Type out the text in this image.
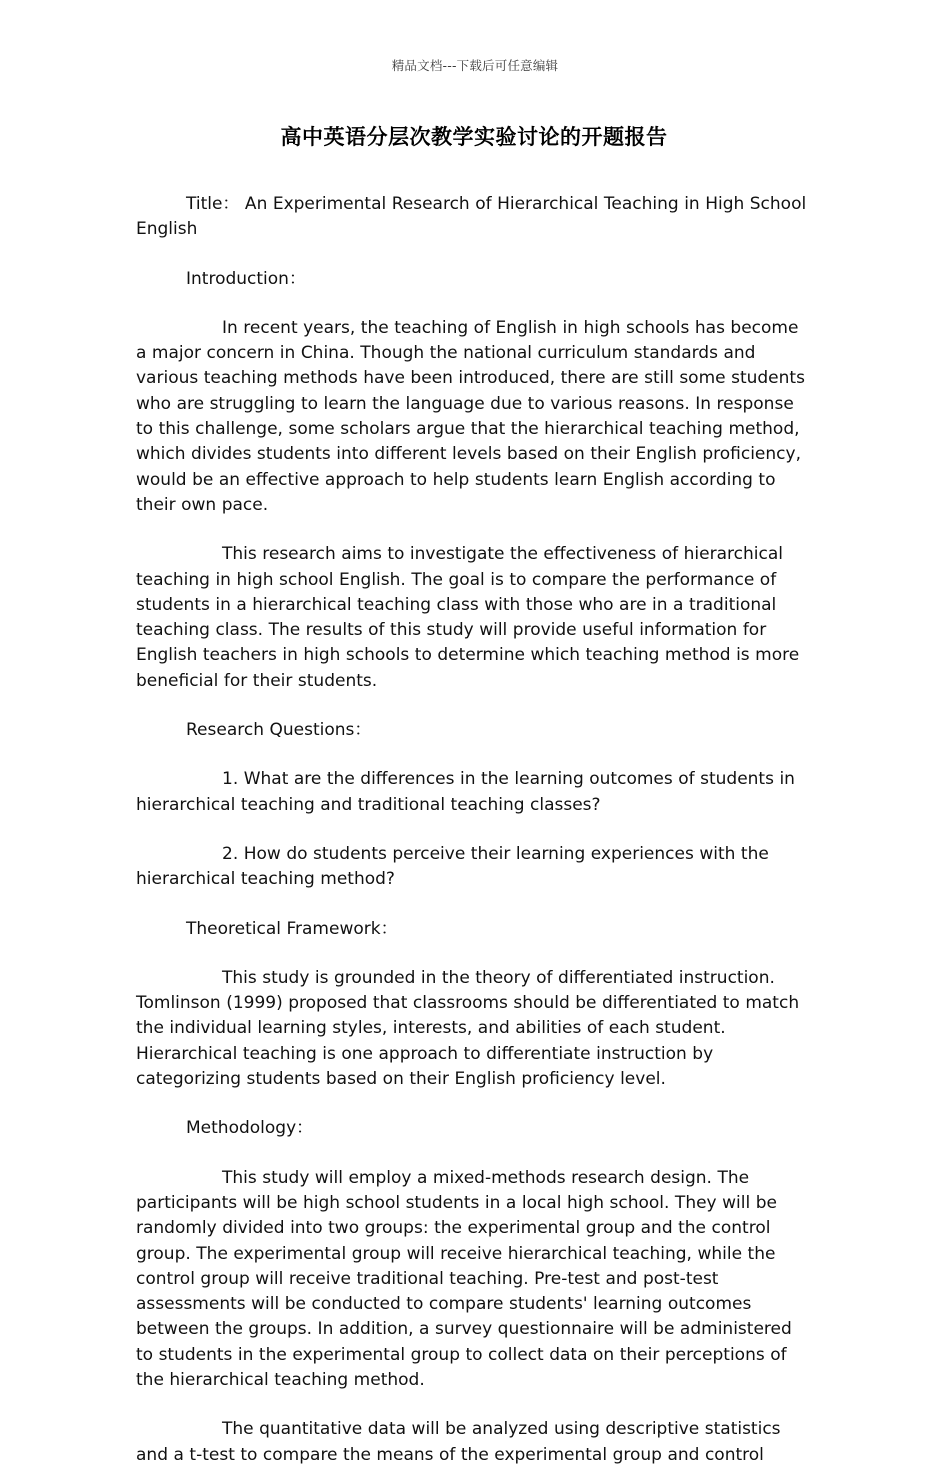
精品文档---下载后可任意编辑
高中英语分层次教学实验讨论的开题报告

Title： An Experimental Research of Hierarchical Teaching in High School English

Introduction：

In recent years, the teaching of English in high schools has become a major concern in China. Though the national curriculum standards and various teaching methods have been introduced, there are still some students who are struggling to learn the language due to various reasons. In response to this challenge, some scholars argue that the hierarchical teaching method, which divides students into different levels based on their English proficiency, would be an effective approach to help students learn English according to their own pace.

This research aims to investigate the effectiveness of hierarchical teaching in high school English. The goal is to compare the performance of students in a hierarchical teaching class with those who are in a traditional teaching class. The results of this study will provide useful information for English teachers in high schools to determine which teaching method is more beneficial for their students.

Research Questions：

1. What are the differences in the learning outcomes of students in hierarchical teaching and traditional teaching classes?

2. How do students perceive their learning experiences with the hierarchical teaching method?

Theoretical Framework：

This study is grounded in the theory of differentiated instruction. Tomlinson (1999) proposed that classrooms should be differentiated to match the individual learning styles, interests, and abilities of each student. Hierarchical teaching is one approach to differentiate instruction by categorizing students based on their English proficiency level.

Methodology：

This study will employ a mixed-methods research design. The participants will be high school students in a local high school. They will be randomly divided into two groups: the experimental group and the control group. The experimental group will receive hierarchical teaching, while the control group will receive traditional teaching. Pre-test and post-test assessments will be conducted to compare students' learning outcomes between the groups. In addition, a survey questionnaire will be administered to students in the experimental group to collect data on their perceptions of the hierarchical teaching method.

The quantitative data will be analyzed using descriptive statistics and a t-test to compare the means of the experimental group and control
